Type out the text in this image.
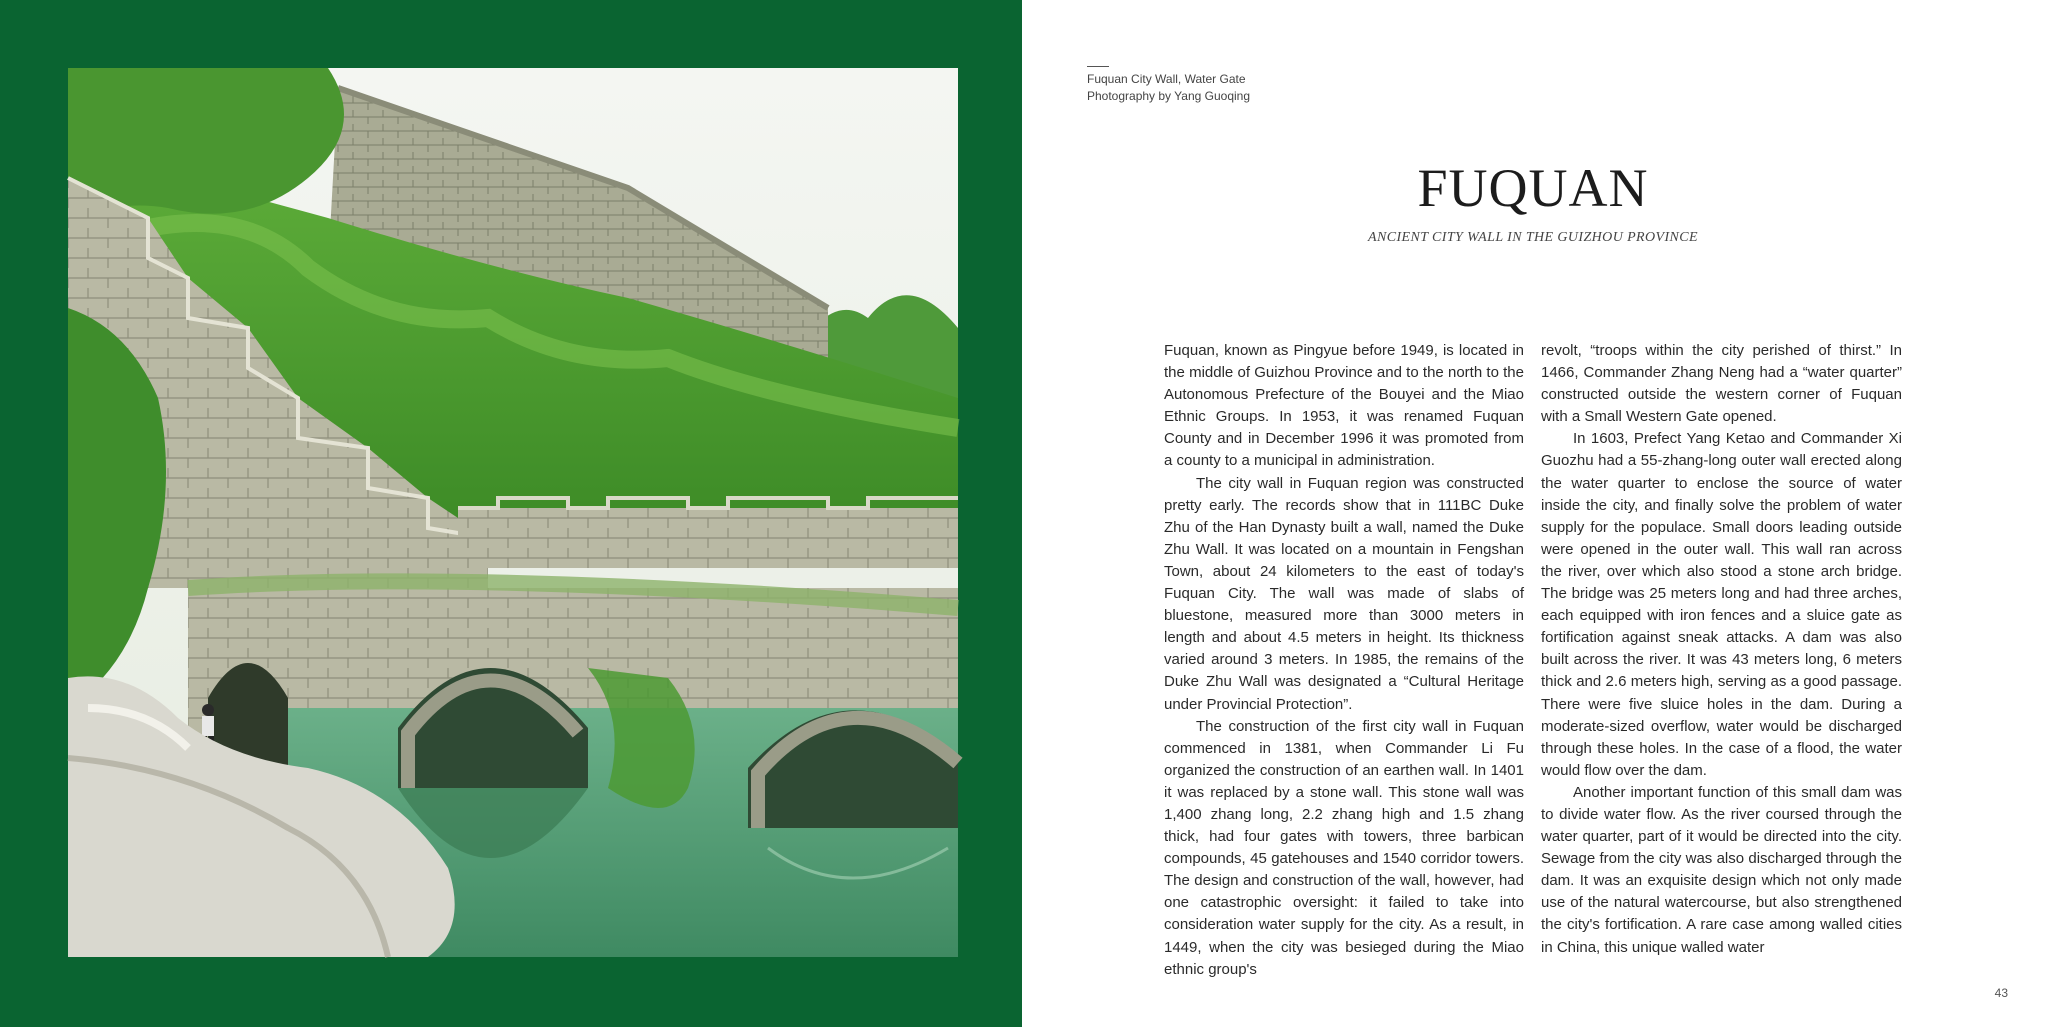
Fuquan City Wall, Water Gate
Photography by Yang Guoqing
FUQUAN
ANCIENT CITY WALL IN THE GUIZHOU PROVINCE

Fuquan, known as Pingyue before 1949, is located in the middle of Guizhou Province and to the north to the Autonomous Prefecture of the Bouyei and the Miao Ethnic Groups. In 1953, it was renamed Fuquan County and in December 1996 it was promoted from a county to a municipal in administration.

The city wall in Fuquan region was constructed pretty early. The records show that in 111BC Duke Zhu of the Han Dynasty built a wall, named the Duke Zhu Wall. It was located on a mountain in Fengshan Town, about 24 kilometers to the east of today's Fuquan City. The wall was made of slabs of bluestone, measured more than 3000 meters in length and about 4.5 meters in height. Its thickness varied around 3 meters. In 1985, the remains of the Duke Zhu Wall was designated a “Cultural Heritage under Provincial Protection”.

The construction of the first city wall in Fuquan commenced in 1381, when Commander Li Fu organized the construction of an earthen wall. In 1401 it was replaced by a stone wall. This stone wall was 1,400 zhang long, 2.2 zhang high and 1.5 zhang thick, had four gates with towers, three barbican compounds, 45 gatehouses and 1540 corridor towers. The design and construction of the wall, however, had one catastrophic oversight: it failed to take into consideration water supply for the city. As a result, in 1449, when the city was besieged during the Miao ethnic group's

revolt, “troops within the city perished of thirst.” In 1466, Commander Zhang Neng had a “water quarter” constructed outside the western corner of Fuquan with a Small Western Gate opened.

In 1603, Prefect Yang Ketao and Commander Xi Guozhu had a 55-zhang-long outer wall erected along the water quarter to enclose the source of water inside the city, and finally solve the problem of water supply for the populace. Small doors leading outside were opened in the outer wall. This wall ran across the river, over which also stood a stone arch bridge. The bridge was 25 meters long and had three arches, each equipped with iron fences and a sluice gate as fortification against sneak attacks. A dam was also built across the river. It was 43 meters long, 6 meters thick and 2.6 meters high, serving as a good passage. There were five sluice holes in the dam. During a moderate-sized overflow, water would be discharged through these holes. In the case of a flood, the water would flow over the dam.

Another important function of this small dam was to divide water flow. As the river coursed through the water quarter, part of it would be directed into the city. Sewage from the city was also discharged through the dam. It was an exquisite design which not only made use of the natural watercourse, but also strengthened the city's fortification. A rare case among walled cities in China, this unique walled water

43
